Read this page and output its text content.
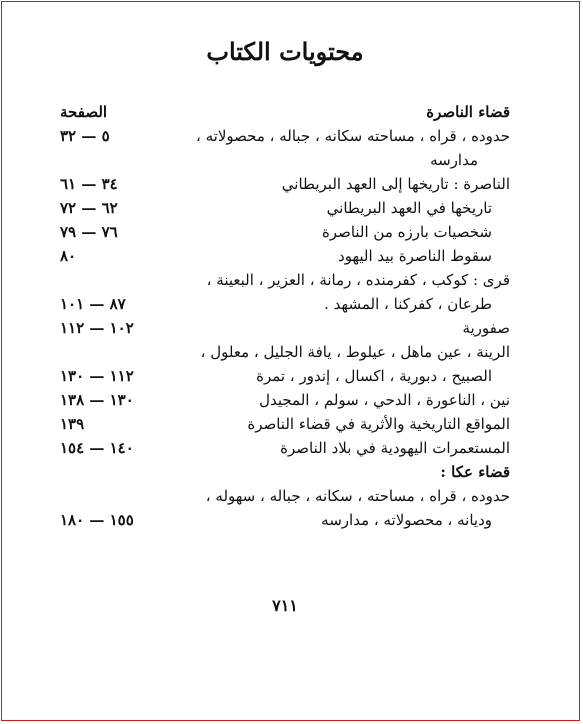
محتويات الكتاب
قضاء الناصرة
الصفحة
حدوده ، قراه ، مساحته سكانه ، جباله ، محصولاته ،
٥ — ٣٢
مدارسه
الناصرة : تاريخها إلى العهد البريطاني
٣٤ — ٦١
تاريخها في العهد البريطاني
٦٢ — ٧٢
شخصيات بارزه من الناصرة
٧٦ — ٧٩
سقوط الناصرة بيد اليهود
٨٠
قرى : كوكب ، كفرمنده ، رمانة ، العزير ، البعينة ،
طرعان ، كفركنا ، المشهد .
٨٧ — ١٠١
صفورية
١٠٢ — ١١٢
الرينة ، عين ماهل ، عيلوط ، يافة الجليل ، معلول ،
الصبيح ، دبورية ، اكسال ، إندور ، تمرة
١١٢ — ١٣٠
نين ، الناعورة ، الدحي ، سولم ، المجيدل
١٣٠ — ١٣٨
المواقع التاريخية والأثرية في قضاء الناصرة
١٣٩
المستعمرات اليهودية في بلاد الناصرة
١٤٠ — ١٥٤
قضاء عكا :
حدوده ، قراه ، مساحته ، سكانه ، جباله ، سهوله ،
وديانه ، محصولاته ، مدارسه
١٥٥ — ١٨٠
٧١١
